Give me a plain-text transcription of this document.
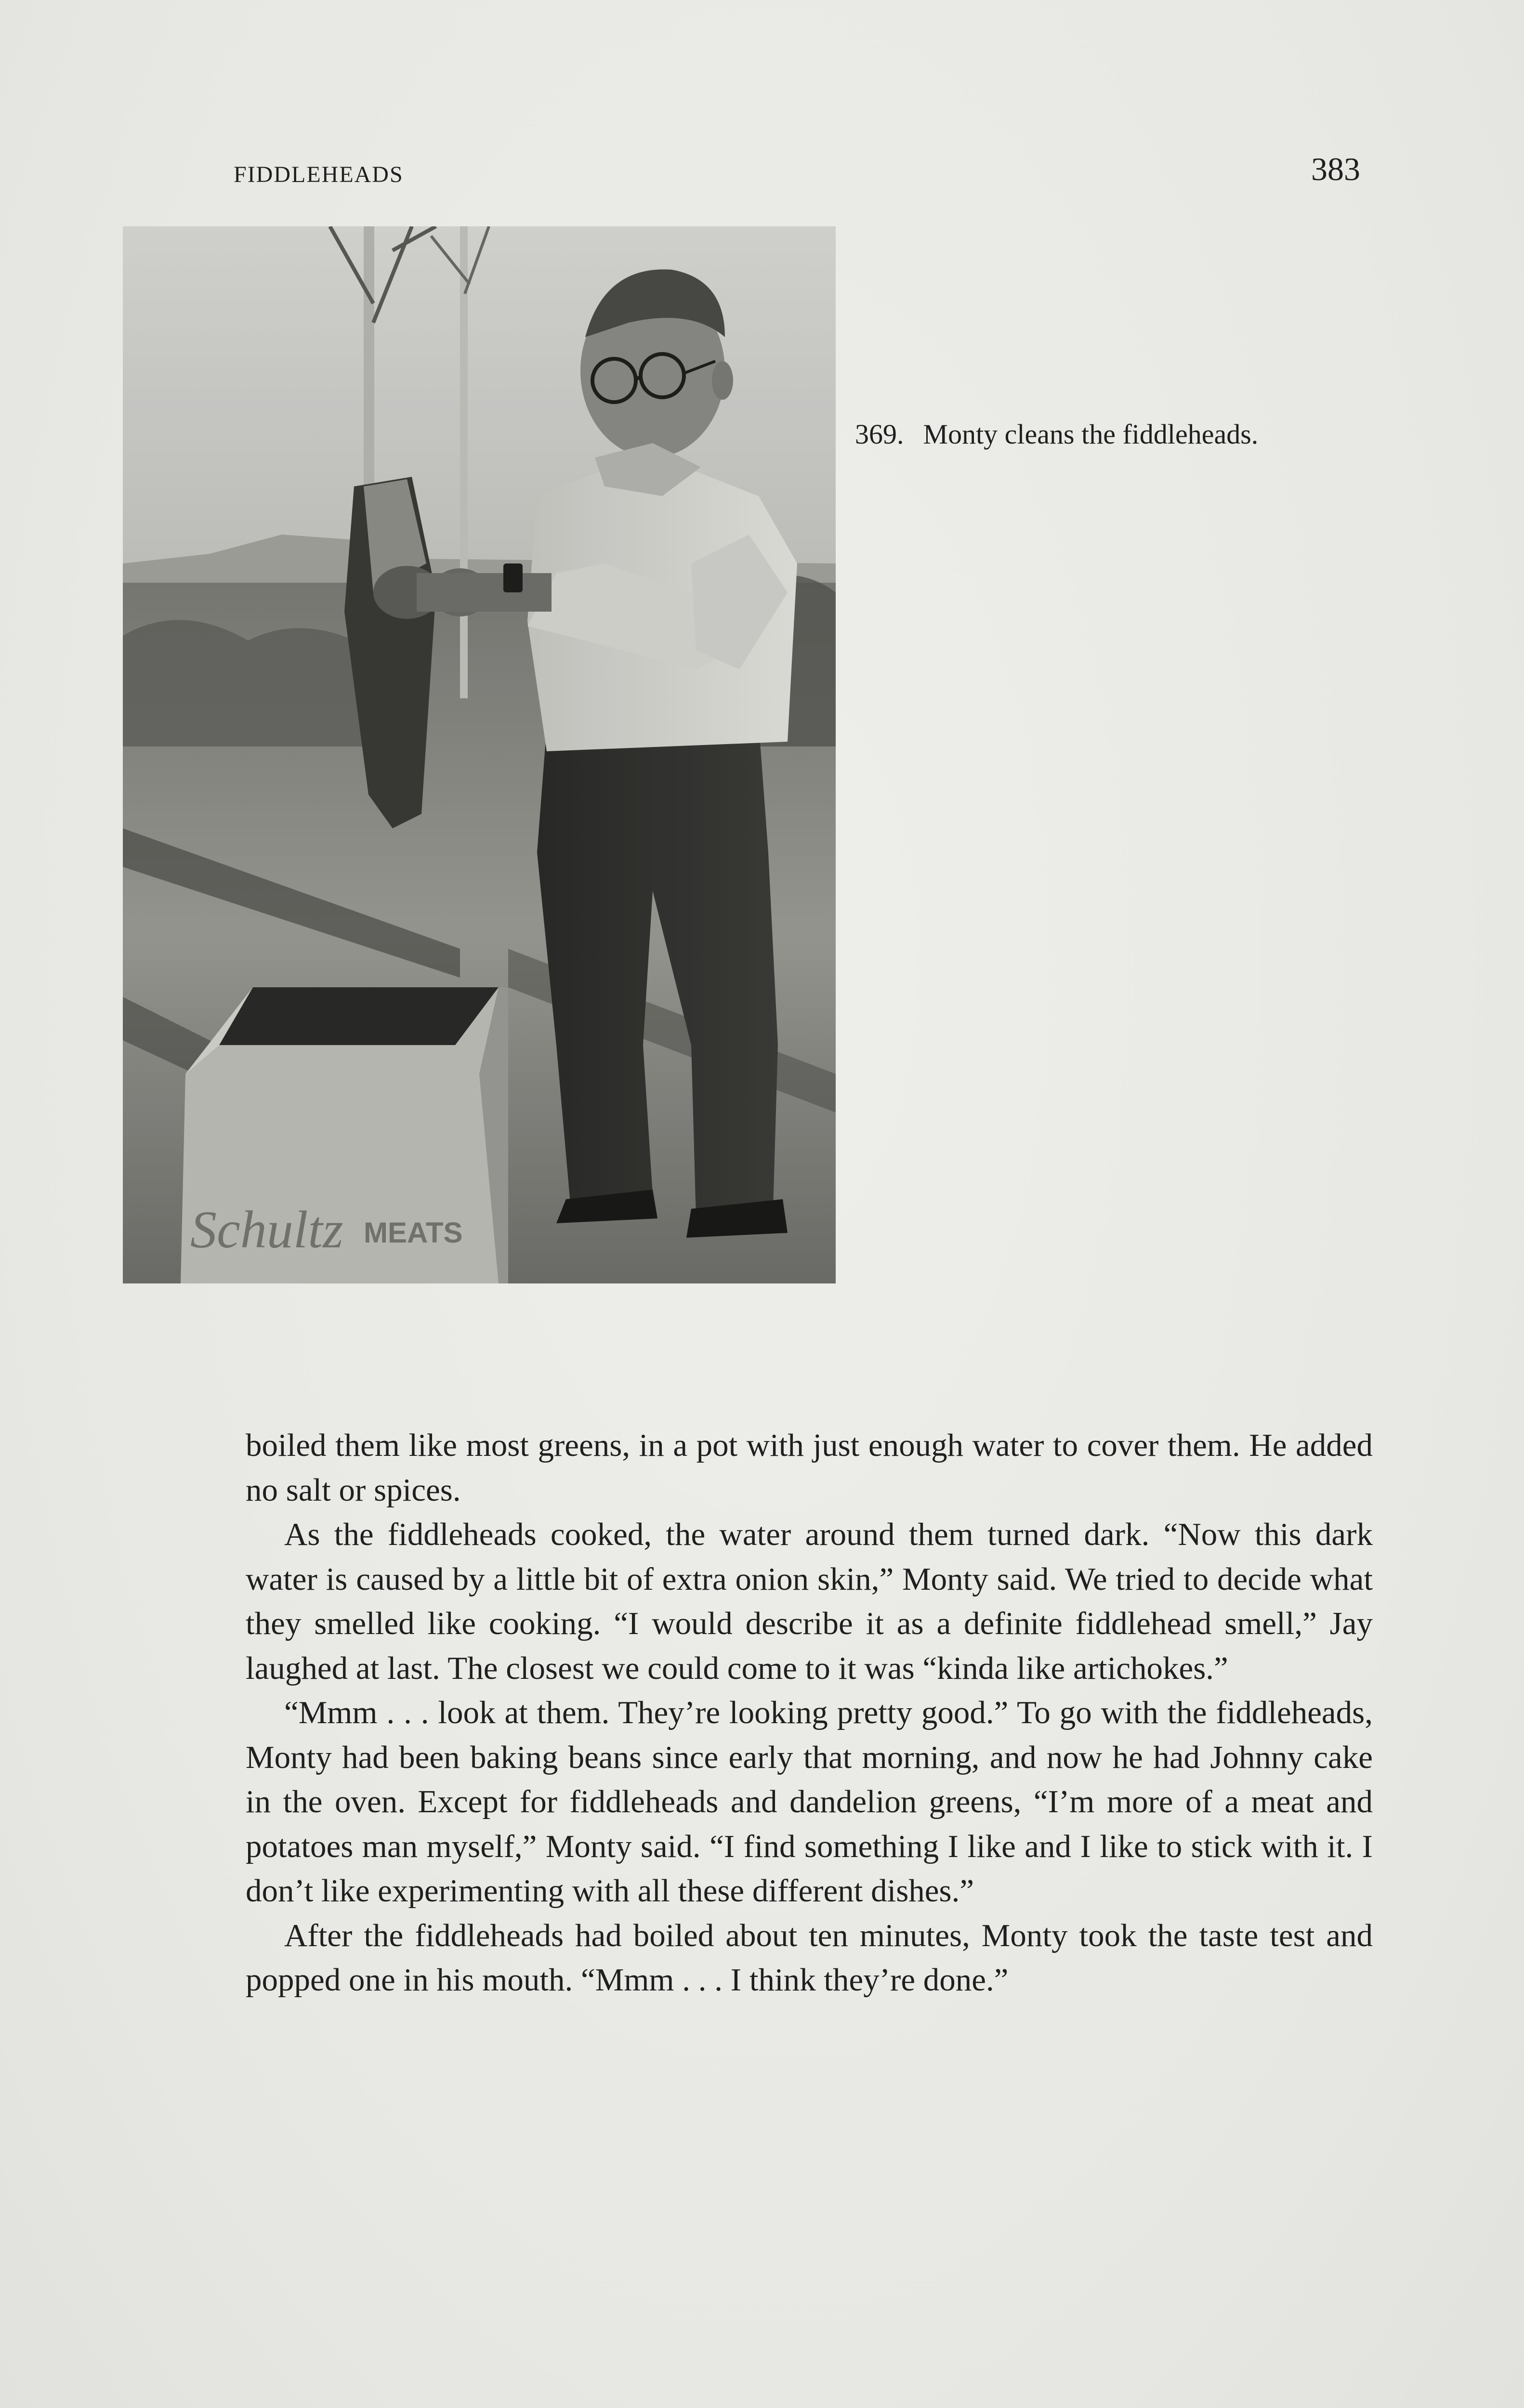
FIDDLEHEADS	383
Schultz MEATS
369. Monty cleans the fiddleheads.

boiled them like most greens, in a pot with just enough water to cover them. He added no salt or spices.

As the fiddleheads cooked, the water around them turned dark. “Now this dark water is caused by a little bit of extra onion skin,” Monty said. We tried to decide what they smelled like cooking. “I would describe it as a definite fiddlehead smell,” Jay laughed at last. The closest we could come to it was “kinda like artichokes.”

“Mmm . . . look at them. They’re looking pretty good.” To go with the fiddleheads, Monty had been baking beans since early that morning, and now he had Johnny cake in the oven. Except for fiddleheads and dandelion greens, “I’m more of a meat and potatoes man myself,” Monty said. “I find something I like and I like to stick with it. I don’t like experimenting with all these different dishes.”

After the fiddleheads had boiled about ten minutes, Monty took the taste test and popped one in his mouth. “Mmm . . . I think they’re done.”
